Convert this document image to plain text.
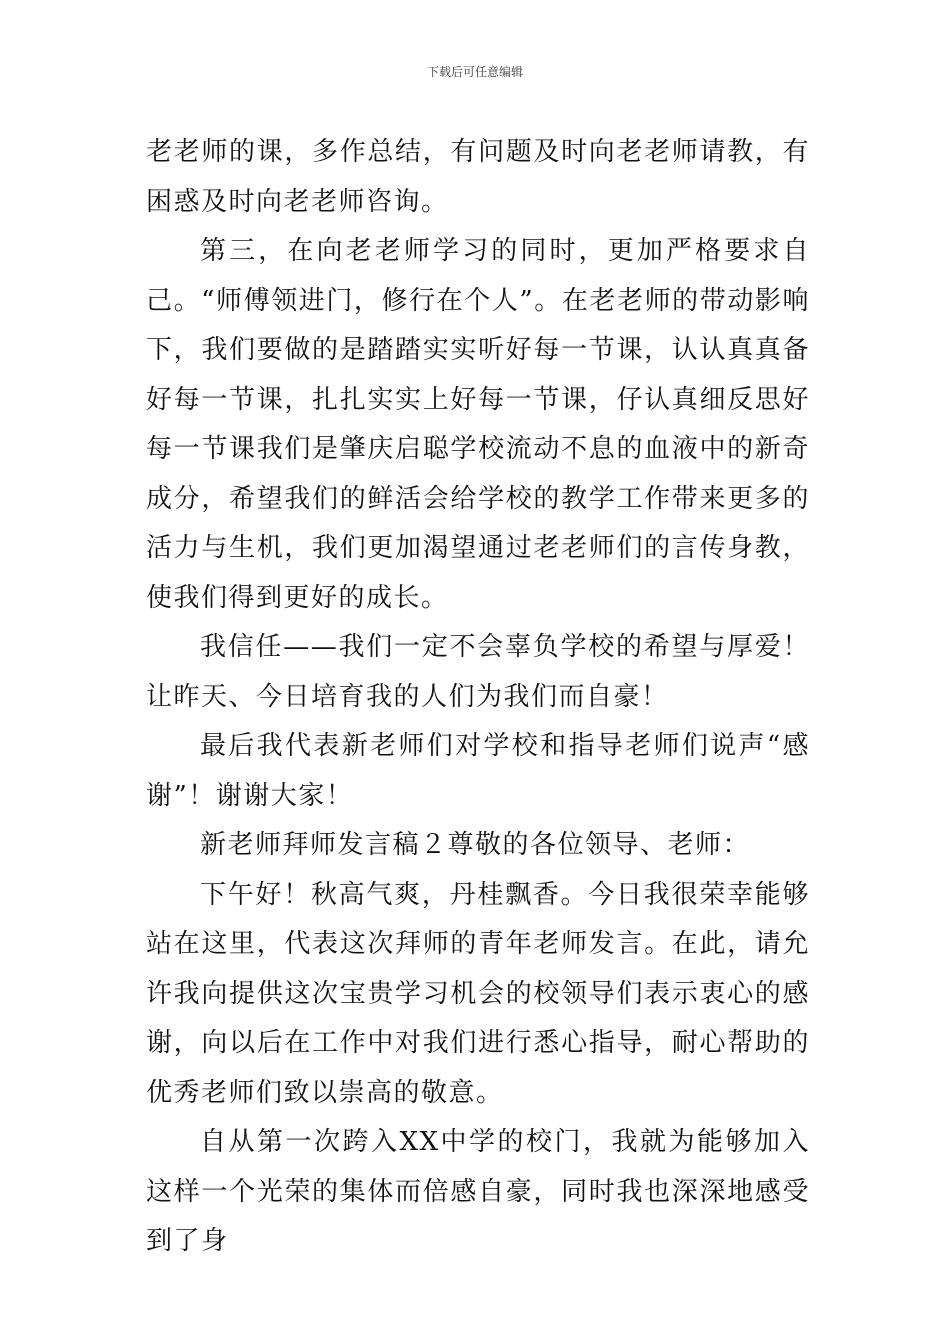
下载后可任意编辑

老老师的课，多作总结，有问题及时向老老师请教，有困惑及时向老老师咨询。

第三，在向老老师学习的同时，更加严格要求自己。“师傅领进门，修行在个人”。在老老师的带动影响下，我们要做的是踏踏实实听好每一节课，认认真真备好每一节课，扎扎实实上好每一节课，仔认真细反思好每一节课我们是肇庆启聪学校流动不息的血液中的新奇成分，希望我们的鲜活会给学校的教学工作带来更多的活力与生机，我们更加渴望通过老老师们的言传身教，使我们得到更好的成长。

我信任——我们一定不会辜负学校的希望与厚爱！让昨天、今日培育我的人们为我们而自豪！

最后我代表新老师们对学校和指导老师们说声“感谢”！谢谢大家！

新老师拜师发言稿２尊敬的各位领导、老师：

下午好！秋高气爽，丹桂飘香。今日我很荣幸能够站在这里，代表这次拜师的青年老师发言。在此，请允许我向提供这次宝贵学习机会的校领导们表示衷心的感谢，向以后在工作中对我们进行悉心指导，耐心帮助的优秀老师们致以崇高的敬意。

自从第一次跨入XX中学的校门，我就为能够加入这样一个光荣的集体而倍感自豪，同时我也深深地感受到了身
